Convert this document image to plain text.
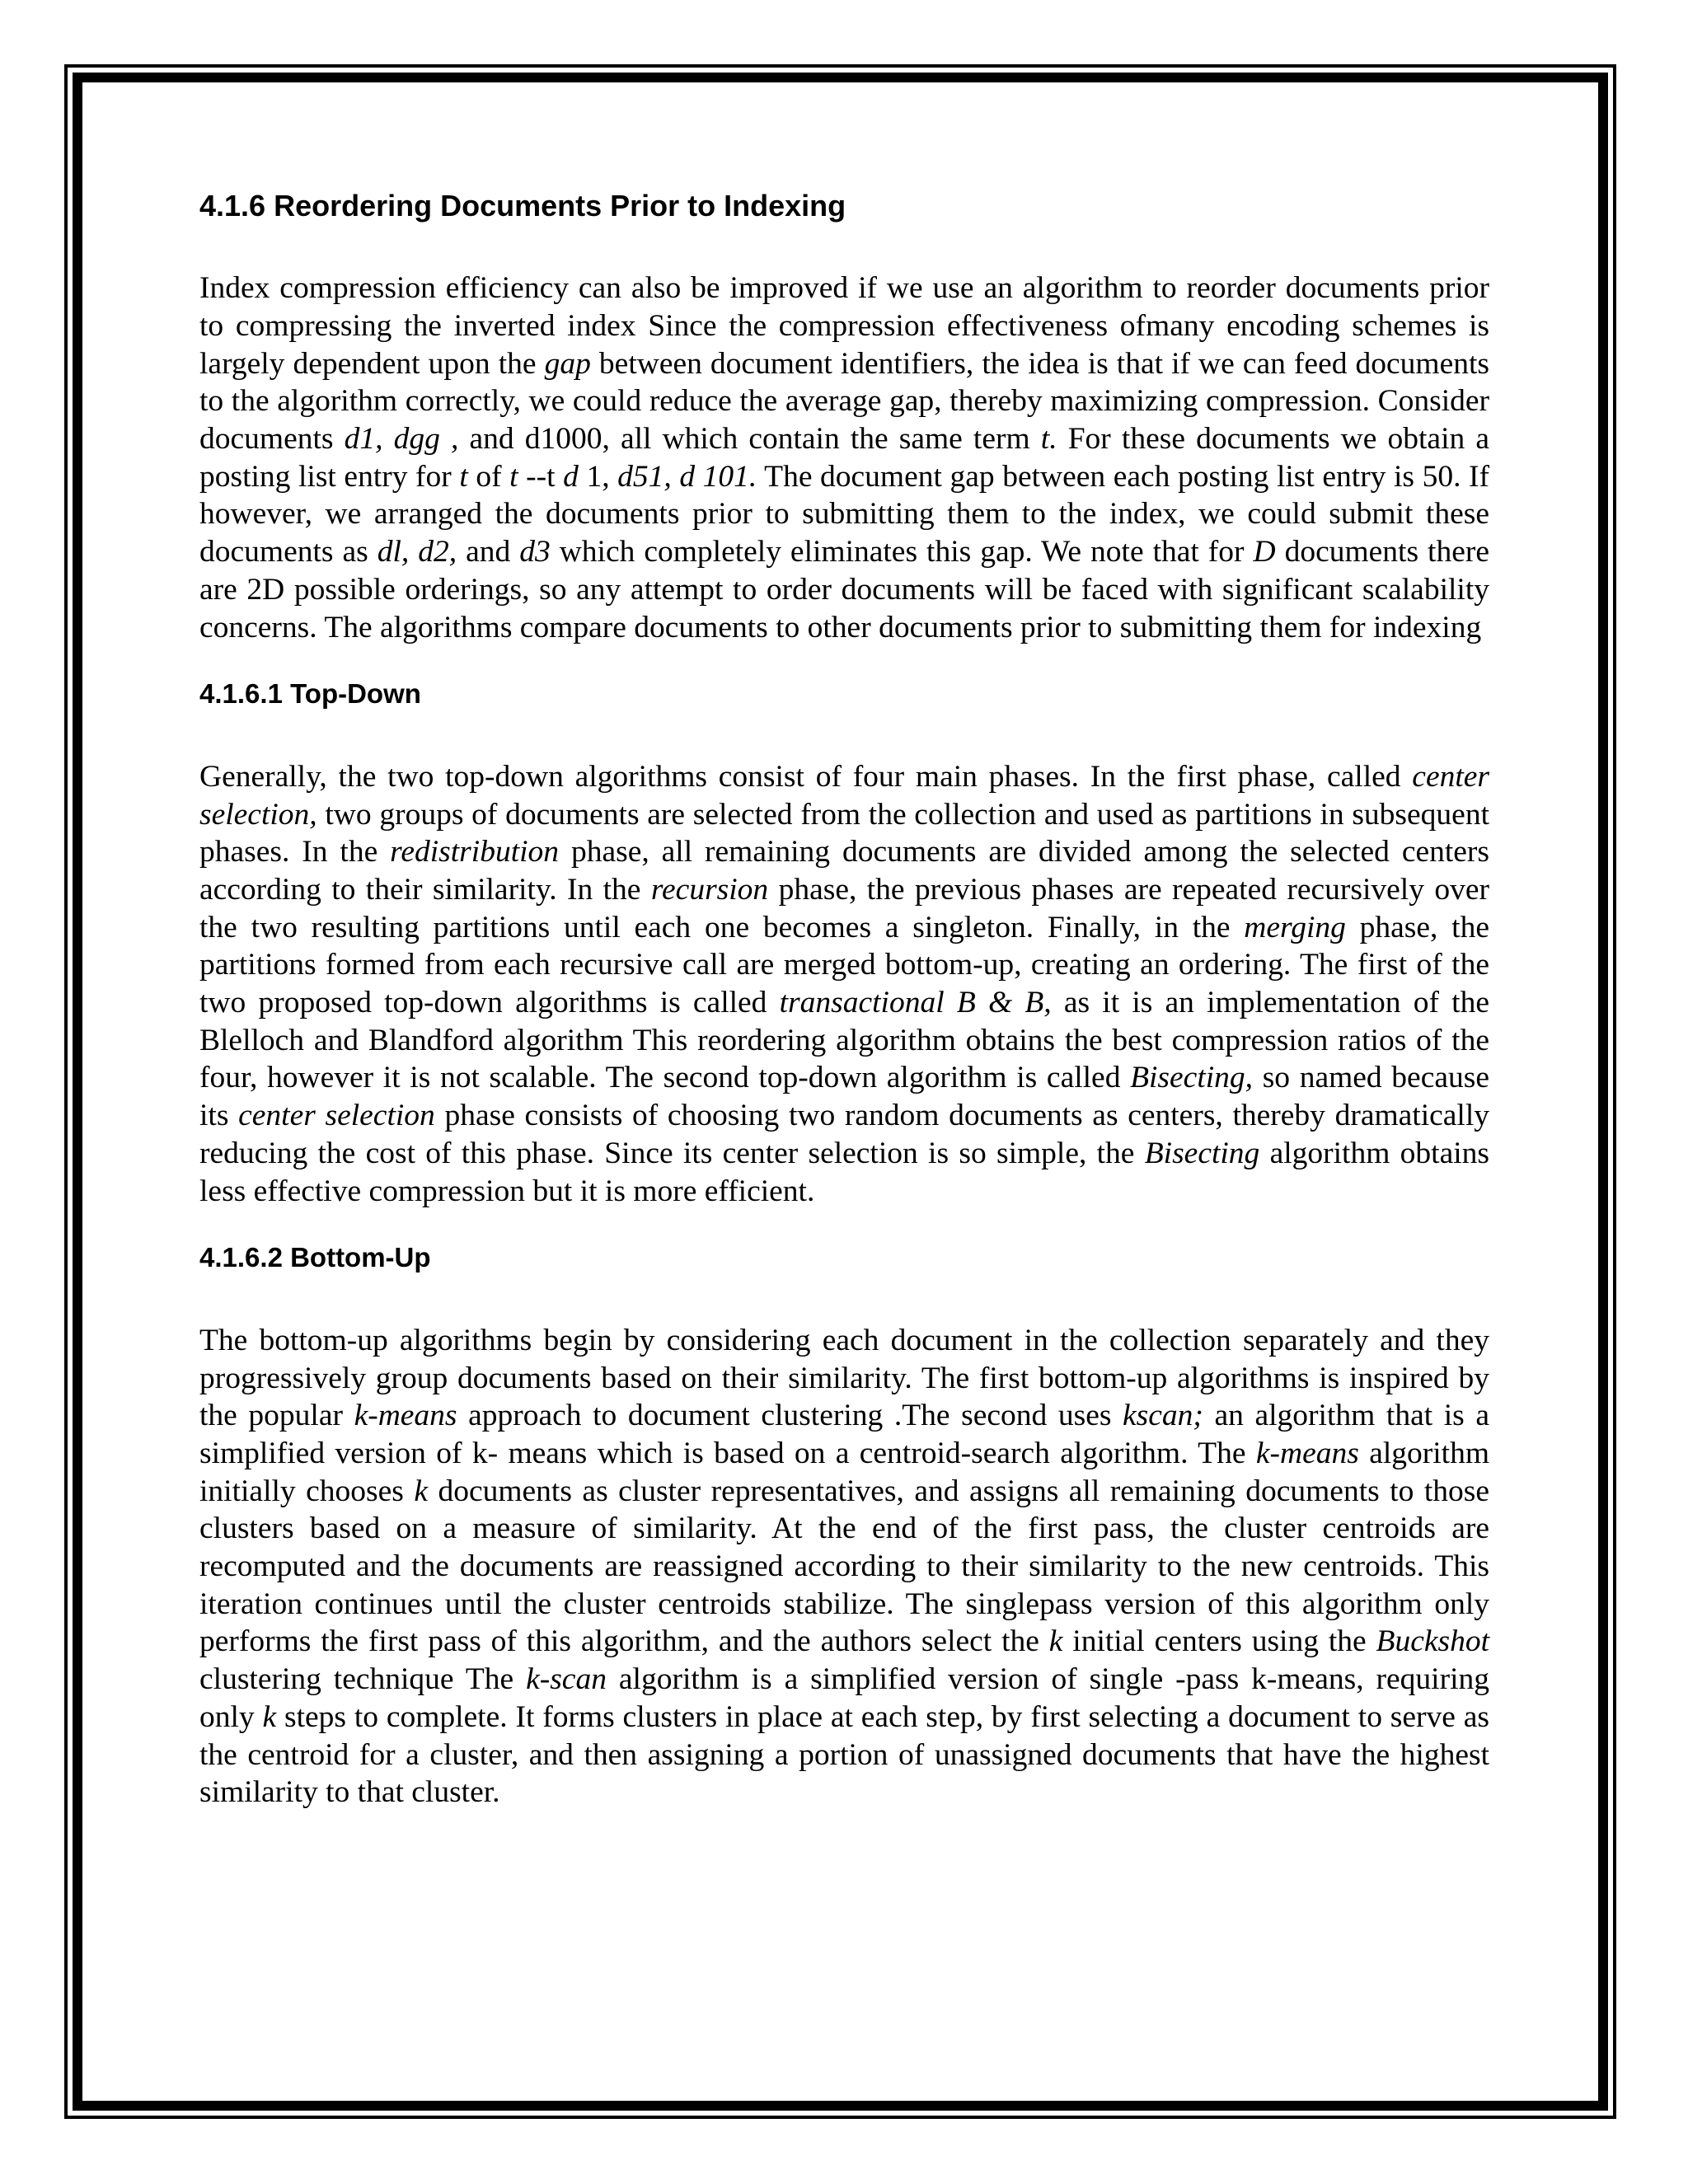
4.1.6 Reordering Documents Prior to Indexing

Index compression efficiency can also be improved if we use an algorithm to reorder documents prior to compressing the inverted index Since the compression effectiveness ofmany encoding schemes is largely dependent upon the gap between document identifiers, the idea is that if we can feed documents to the algorithm correctly, we could reduce the average gap, thereby maximizing compression. Consider documents d1, dgg , and d1000, all which contain the same term t. For these documents we obtain a posting list entry for t of t --t d 1, d51, d 101. The document gap between each posting list entry is 50. If however, we arranged the documents prior to submitting them to the index, we could submit these documents as dl, d2, and d3 which completely eliminates this gap. We note that for D documents there are 2D possible orderings, so any attempt to order documents will be faced with significant scalability concerns. The algorithms compare documents to other documents prior to submitting them for indexing

4.1.6.1 Top-Down

Generally, the two top-down algorithms consist of four main phases. In the first phase, called center selection, two groups of documents are selected from the collection and used as partitions in subsequent phases. In the redistribution phase, all remaining documents are divided among the selected centers according to their similarity. In the recursion phase, the previous phases are repeated recursively over the two resulting partitions until each one becomes a singleton. Finally, in the merging phase, the partitions formed from each recursive call are merged bottom-up, creating an ordering. The first of the two proposed top-down algorithms is called transactional B & B, as it is an implementation of the Blelloch and Blandford algorithm This reordering algorithm obtains the best compression ratios of the four, however it is not scalable. The second top-down algorithm is called Bisecting, so named because its center selection phase consists of choosing two random documents as centers, thereby dramatically reducing the cost of this phase. Since its center selection is so simple, the Bisecting algorithm obtains less effective compression but it is more efficient.

4.1.6.2 Bottom-Up

The bottom-up algorithms begin by considering each document in the collection separately and they progressively group documents based on their similarity. The first bottom-up algorithms is inspired by the popular k-means approach to document clustering .The second uses kscan; an algorithm that is a simplified version of k- means which is based on a centroid-search algorithm. The k-means algorithm initially chooses k documents as cluster representatives, and assigns all remaining documents to those clusters based on a measure of similarity. At the end of the first pass, the cluster centroids are recomputed and the documents are reassigned according to their similarity to the new centroids. This iteration continues until the cluster centroids stabilize. The singlepass version of this algorithm only performs the first pass of this algorithm, and the authors select the k initial centers using the Buckshot clustering technique The k-scan algorithm is a simplified version of single -pass k-means, requiring only k steps to complete. It forms clusters in place at each step, by first selecting a document to serve as the centroid for a cluster, and then assigning a portion of unassigned documents that have the highest similarity to that cluster.
